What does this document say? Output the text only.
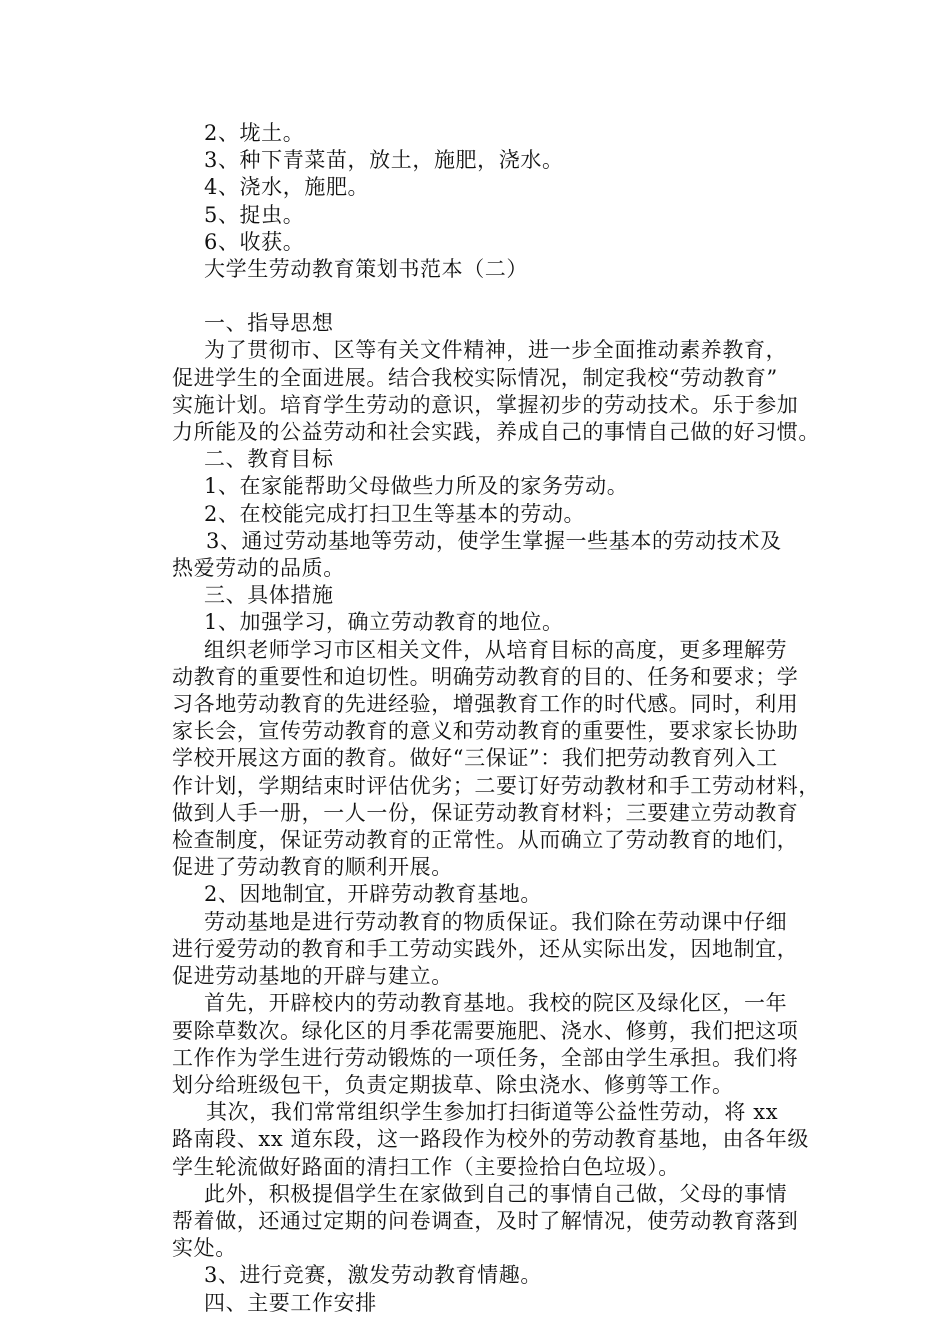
2、垅土。
3、种下青菜苗，放土，施肥，浇水。
4、浇水，施肥。
5、捉虫。
6、收获。
大学生劳动教育策划书范本（二）
一、指导思想
为了贯彻市、区等有关文件精神，进一步全面推动素养教育，
促进学生的全面进展。结合我校实际情况，制定我校“劳动教育”
实施计划。培育学生劳动的意识，掌握初步的劳动技术。乐于参加
力所能及的公益劳动和社会实践，养成自己的事情自己做的好习惯。
二、教育目标
1、在家能帮助父母做些力所及的家务劳动。
2、在校能完成打扫卫生等基本的劳动。
3、通过劳动基地等劳动，使学生掌握一些基本的劳动技术及
热爱劳动的品质。
三、具体措施
1、加强学习，确立劳动教育的地位。
组织老师学习市区相关文件，从培育目标的高度，更多理解劳
动教育的重要性和迫切性。明确劳动教育的目的、任务和要求；学
习各地劳动教育的先进经验，增强教育工作的时代感。同时，利用
家长会，宣传劳动教育的意义和劳动教育的重要性，要求家长协助
学校开展这方面的教育。做好“三保证”：我们把劳动教育列入工
作计划，学期结束时评估优劣；二要订好劳动教材和手工劳动材料，
做到人手一册，一人一份，保证劳动教育材料；三要建立劳动教育
检查制度，保证劳动教育的正常性。从而确立了劳动教育的地们，
促进了劳动教育的顺利开展。
2、因地制宜，开辟劳动教育基地。
劳动基地是进行劳动教育的物质保证。我们除在劳动课中仔细
进行爱劳动的教育和手工劳动实践外，还从实际出发，因地制宜，
促进劳动基地的开辟与建立。
首先，开辟校内的劳动教育基地。我校的院区及绿化区，一年
要除草数次。绿化区的月季花需要施肥、浇水、修剪，我们把这项
工作作为学生进行劳动锻炼的一项任务，全部由学生承担。我们将
划分给班级包干，负责定期拔草、除虫浇水、修剪等工作。
其次，我们常常组织学生参加打扫街道等公益性劳动，将 xx
路南段、xx 道东段，这一路段作为校外的劳动教育基地，由各年级
学生轮流做好路面的清扫工作（主要捡拾白色垃圾）。
此外，积极提倡学生在家做到自己的事情自己做，父母的事情
帮着做，还通过定期的问卷调查，及时了解情况，使劳动教育落到
实处。
3、进行竞赛，激发劳动教育情趣。
四、主要工作安排
